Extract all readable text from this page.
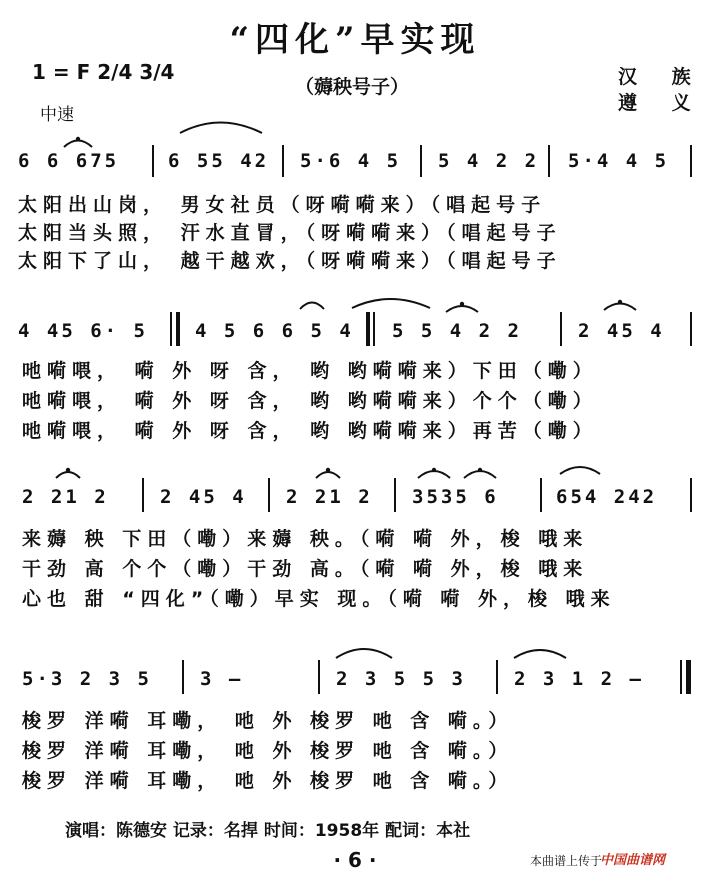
“四化”早实现
1 = F 2/4 3/4
中速
（薅秧号子）	汉 族
遵 义
6 6 675	6 55 42 5·6 4 5 5 4 2 2 5·4 4 5
太阳出山岗， 男女社员（呀嗬嗬来）（唱起号子
太阳当头照， 汗水直冒，（呀嗬嗬来）（唱起号子
太阳下了山， 越干越欢，（呀嗬嗬来）（唱起号子
4 45 6· 5 4 5 6 6 5 4 5 5 4 2 2	2 45 4
吔嗬喂， 嗬 外 呀 含， 哟 哟嗬嗬来）下田（嘞）
吔嗬喂， 嗬 外 呀 含， 哟 哟嗬嗬来）个个（嘞）
吔嗬喂， 嗬 外 呀 含， 哟 哟嗬嗬来）再苦（嘞）
2 21 2	2 45 4 2 21 2 3535 6	654 242
来薅 秧 下田（嘞）来薅 秧。（嗬 嗬 外，梭 哦来
干劲 高 个个（嘞）干劲 高。（嗬 嗬 外，梭 哦来
心也 甜 “四化”（嘞）早实 现。（嗬 嗬 外，梭 哦来
5·3 2 3 5	3 —	2 3 5 5 3	2 3 1 2 —
梭罗 洋嗬 耳嘞， 吔 外 梭罗 吔 含 嗬。）
梭罗 洋嗬 耳嘞， 吔 外 梭罗 吔 含 嗬。）
梭罗 洋嗬 耳嘞， 吔 外 梭罗 吔 含 嗬。）
演唱：陈德安 记录：名捍 时间：1958年 配词：本社
· 6 ·	本曲谱上传于
中国曲谱网
